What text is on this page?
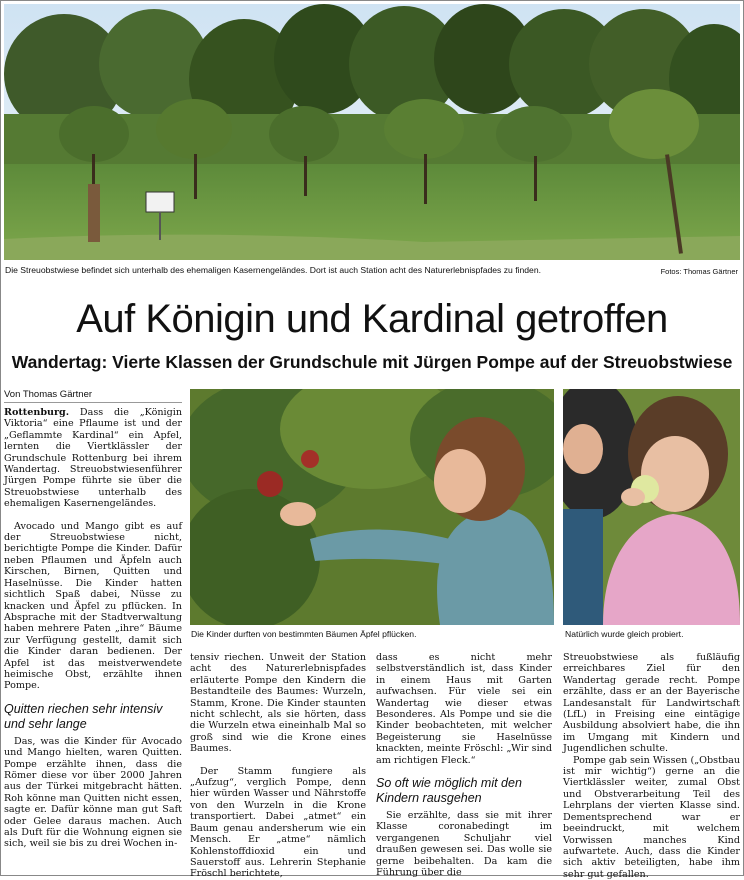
Die Streuobstwiese befindet sich unterhalb des ehemaligen Kasernengeländes. Dort ist auch Station acht des Naturerlebnispfades zu finden.	Fotos: Thomas Gärtner
Auf Königin und Kardinal getroffen
Wandertag: Vierte Klassen der Grundschule mit Jürgen Pompe auf der Streuobstwiese
Von Thomas Gärtner
Die Kinder durften von bestimmten Bäumen Äpfel pflücken.	Natürlich wurde gleich probiert.

Rottenburg. Dass die „Königin Viktoria“ eine Pflaume ist und der „Geflammte Kardinal“ ein Apfel, lernten die Viertklässler der Grundschule Rottenburg bei ihrem Wandertag. Streuobstwiesenführer Jürgen Pompe führte sie über die Streuobstwiese unterhalb des ehemaligen Kasernengeländes.

Avocado und Mango gibt es auf der Streuobstwiese nicht, berichtigte Pompe die Kinder. Dafür neben Pflaumen und Äpfeln auch Kirschen, Birnen, Quitten und Haselnüsse. Die Kinder hatten sichtlich Spaß dabei, Nüsse zu knacken und Äpfel zu pflücken. In Absprache mit der Stadtverwaltung haben mehrere Paten „ihre“ Bäume zur Verfügung gestellt, damit sich die Kinder daran bedienen. Der Apfel ist das meistverwendete heimische Obst, erzählte ihnen Pompe.

Quitten riechen sehr intensiv und sehr lange

Das, was die Kinder für Avocado und Mango hielten, waren Quitten. Pompe erzählte ihnen, dass die Römer diese vor über 2000 Jahren aus der Türkei mitgebracht hätten. Roh könne man Quitten nicht essen, sagte er. Dafür könne man gut Saft oder Gelee daraus machen. Auch als Duft für die Wohnung eignen sie sich, weil sie bis zu drei Wochen in-

tensiv riechen. Unweit der Station acht des Naturerlebnispfades erläuterte Pompe den Kindern die Bestandteile des Baumes: Wurzeln, Stamm, Krone. Die Kinder staunten nicht schlecht, als sie hörten, dass die Wurzeln etwa eineinhalb Mal so groß sind wie die Krone eines Baumes.

Der Stamm fungiere als „Aufzug“, verglich Pompe, denn hier würden Wasser und Nährstoffe von den Wurzeln in die Krone transportiert. Dabei „atmet“ ein Baum genau andersherum wie ein Mensch. Er „atme“ nämlich Kohlenstoffdioxid ein und Sauerstoff aus. Lehrerin Stephanie Fröschl berichtete,

dass es nicht mehr selbstverständlich ist, dass Kinder in einem Haus mit Garten aufwachsen. Für viele sei ein Wandertag wie dieser etwas Besonderes. Als Pompe und sie die Kinder beobachteten, mit welcher Begeisterung sie Haselnüsse knackten, meinte Fröschl: „Wir sind am richtigen Fleck.“

So oft wie möglich mit den Kindern rausgehen

Sie erzählte, dass sie mit ihrer Klasse coronabedingt im vergangenen Schuljahr viel draußen gewesen sei. Das wolle sie gerne beibehalten. Da kam die Führung über die

Streuobstwiese als fußläufig erreichbares Ziel für den Wandertag gerade recht. Pompe erzählte, dass er an der Bayerische Landesanstalt für Landwirtschaft (LfL) in Freising eine eintägige Ausbildung absolviert habe, die ihn im Umgang mit Kindern und Jugendlichen schulte.

Pompe gab sein Wissen („Obstbau ist mir wichtig“) gerne an die Viertklässler weiter, zumal Obst und Obstverarbeitung Teil des Lehrplans der vierten Klasse sind. Dementsprechend war er beeindruckt, mit welchem Vorwissen manches Kind aufwartete. Auch, dass die Kinder sich aktiv beteiligten, habe ihm sehr gut gefallen.
